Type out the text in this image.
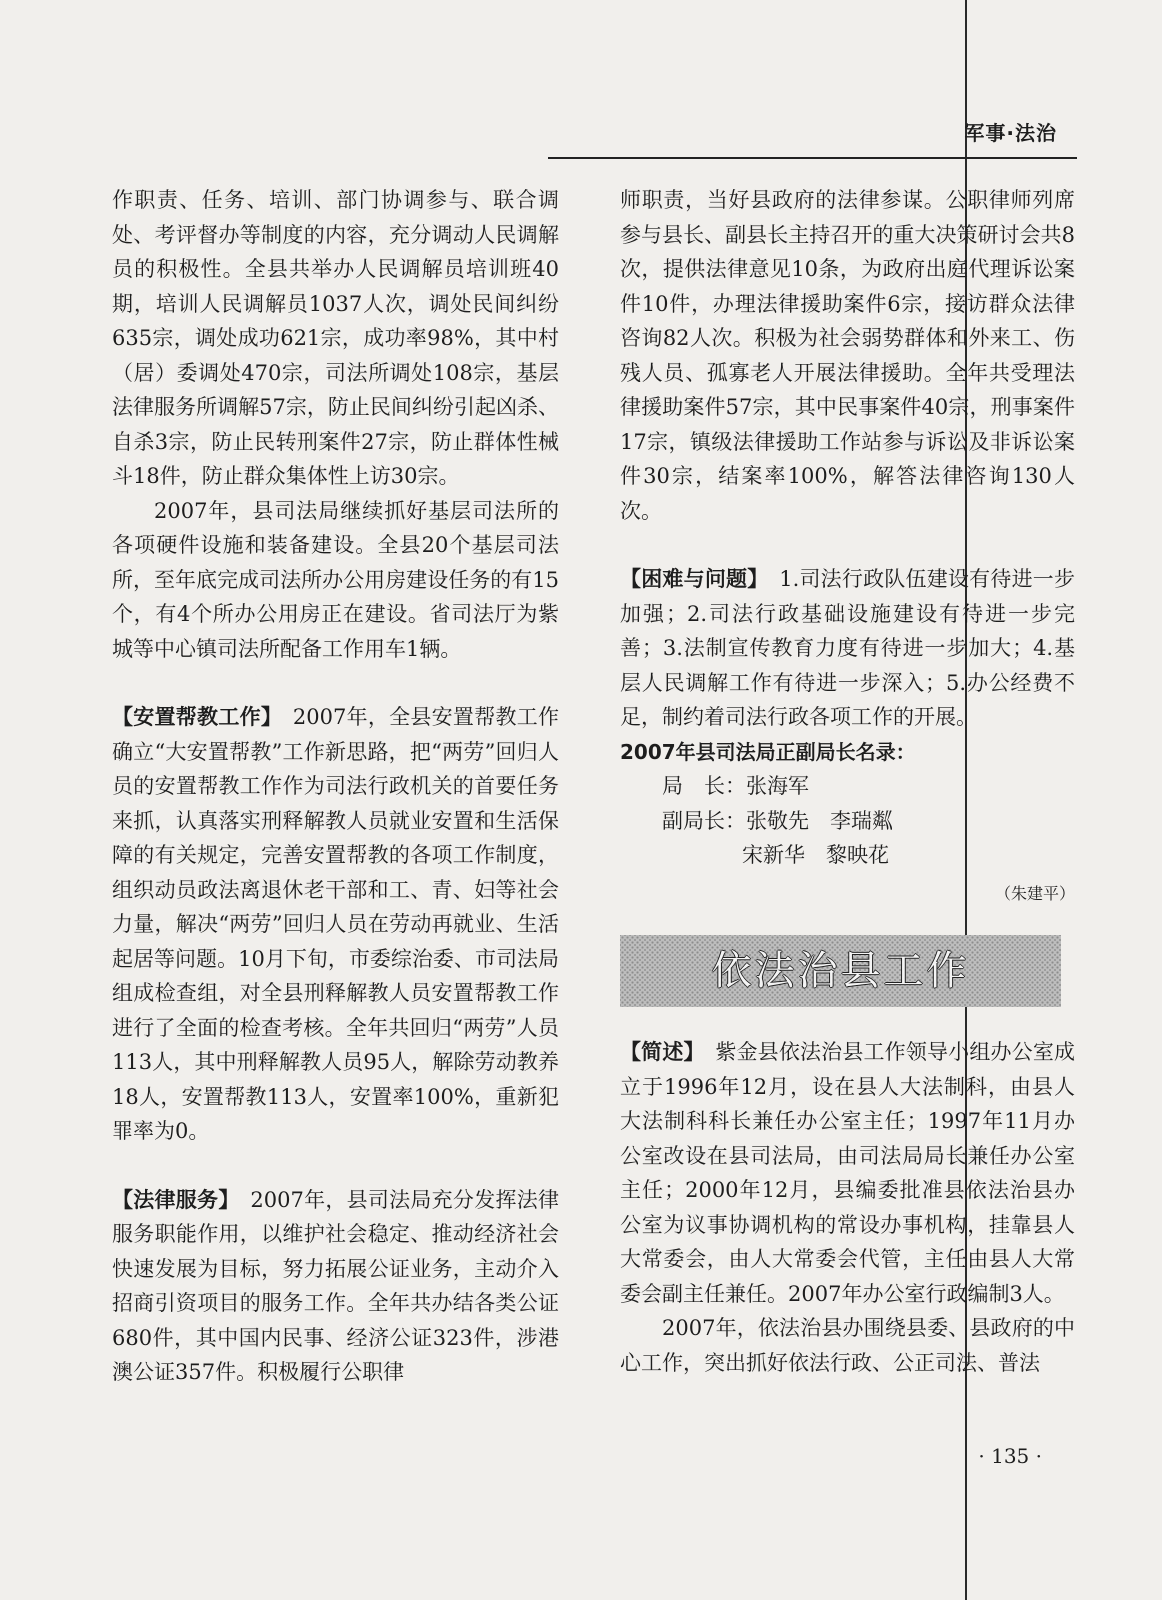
军事·法治

作职责、任务、培训、部门协调参与、联合调处、考评督办等制度的内容，充分调动人民调解员的积极性。全县共举办人民调解员培训班40期，培训人民调解员1037人次，调处民间纠纷635宗，调处成功621宗，成功率98%，其中村（居）委调处470宗，司法所调处108宗，基层法律服务所调解57宗，防止民间纠纷引起凶杀、自杀3宗，防止民转刑案件27宗，防止群体性械斗18件，防止群众集体性上访30宗。

2007年，县司法局继续抓好基层司法所的各项硬件设施和装备建设。全县20个基层司法所，至年底完成司法所办公用房建设任务的有15个，有4个所办公用房正在建设。省司法厅为紫城等中心镇司法所配备工作用车1辆。

【安置帮教工作】　 2007年，全县安置帮教工作确立“大安置帮教”工作新思路，把“两劳”回归人员的安置帮教工作作为司法行政机关的首要任务来抓，认真落实刑释解教人员就业安置和生活保障的有关规定，完善安置帮教的各项工作制度，组织动员政法离退休老干部和工、青、妇等社会力量，解决“两劳”回归人员在劳动再就业、生活起居等问题。10月下旬，市委综治委、市司法局组成检查组，对全县刑释解教人员安置帮教工作进行了全面的检查考核。全年共回归“两劳”人员113人，其中刑释解教人员95人，解除劳动教养18人，安置帮教113人，安置率100%，重新犯罪率为0。

【法律服务】　 2007年，县司法局充分发挥法律服务职能作用，以维护社会稳定、推动经济社会快速发展为目标，努力拓展公证业务，主动介入招商引资项目的服务工作。全年共办结各类公证680件，其中国内民事、经济公证323件，涉港澳公证357件。积极履行公职律

师职责，当好县政府的法律参谋。公职律师列席参与县长、副县长主持召开的重大决策研讨会共8次，提供法律意见10条，为政府出庭代理诉讼案件10件，办理法律援助案件6宗，接访群众法律咨询82人次。积极为社会弱势群体和外来工、伤残人员、孤寡老人开展法律援助。全年共受理法律援助案件57宗，其中民事案件40宗，刑事案件17宗，镇级法律援助工作站参与诉讼及非诉讼案件30宗，结案率100%，解答法律咨询130人次。

【困难与问题】　 1.司法行政队伍建设有待进一步加强；2.司法行政基础设施建设有待进一步完善；3.法制宣传教育力度有待进一步加大；4.基层人民调解工作有待进一步深入；5.办公经费不足，制约着司法行政各项工作的开展。

2007年县司法局正副局长名录：

局　长：张海军

副局长：张敬先　李瑞粼

宋新华　黎映花

（朱建平）

依法治县工作

【简述】　 紫金县依法治县工作领导小组办公室成立于1996年12月，设在县人大法制科，由县人大法制科科长兼任办公室主任；1997年11月办公室改设在县司法局，由司法局局长兼任办公室主任；2000年12月，县编委批准县依法治县办公室为议事协调机构的常设办事机构，挂靠县人大常委会，由人大常委会代管，主任由县人大常委会副主任兼任。2007年办公室行政编制3人。

2007年，依法治县办围绕县委、县政府的中心工作，突出抓好依法行政、公正司法、普法

· 135 ·
